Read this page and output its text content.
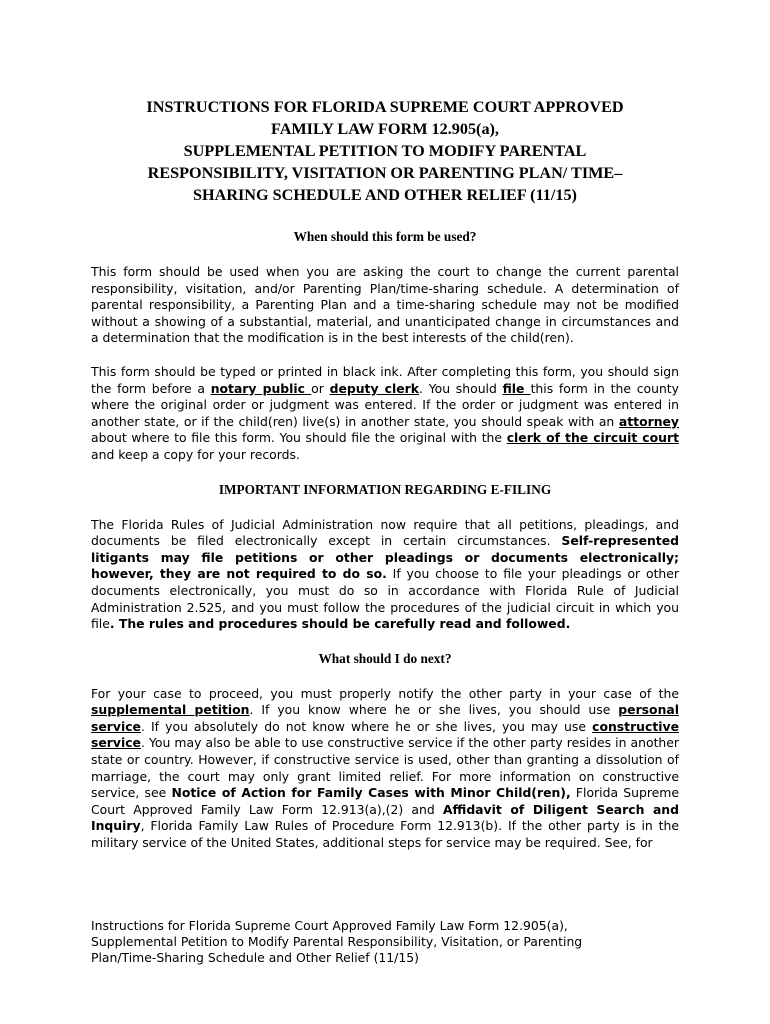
INSTRUCTIONS FOR FLORIDA SUPREME COURT APPROVED

FAMILY LAW FORM 12.905(a),

SUPPLEMENTAL PETITION TO MODIFY PARENTAL

RESPONSIBILITY, VISITATION OR PARENTING PLAN/ TIME–

SHARING SCHEDULE AND OTHER RELIEF (11/15)

When should this form be used?

This form should be used when you are asking the court to change the current parental responsibility, visitation, and/or Parenting Plan/time-sharing schedule. A determination of parental responsibility, a Parenting Plan and a time-sharing schedule may not be modified without a showing of a substantial, material, and unanticipated change in circumstances and a determination that the modification is in the best interests of the child(ren).

This form should be typed or printed in black ink. After completing this form, you should sign the form before a notary public or deputy clerk. You should file this form in the county where the original order or judgment was entered. If the order or judgment was entered in another state, or if the child(ren) live(s) in another state, you should speak with an attorney about where to file this form. You should file the original with the clerk of the circuit court and keep a copy for your records.

IMPORTANT INFORMATION REGARDING E-FILING

The Florida Rules of Judicial Administration now require that all petitions, pleadings, and documents be filed electronically except in certain circumstances. Self-represented litigants may file petitions or other pleadings or documents electronically; however, they are not required to do so. If you choose to file your pleadings or other documents electronically, you must do so in accordance with Florida Rule of Judicial Administration 2.525, and you must follow the procedures of the judicial circuit in which you file. The rules and procedures should be carefully read and followed.

What should I do next?

For your case to proceed, you must properly notify the other party in your case of the supplemental petition. If you know where he or she lives, you should use personal service. If you absolutely do not know where he or she lives, you may use constructive service. You may also be able to use constructive service if the other party resides in another state or country. However, if constructive service is used, other than granting a dissolution of marriage, the court may only grant limited relief. For more information on constructive service, see Notice of Action for Family Cases with Minor Child(ren), Florida Supreme Court Approved Family Law Form 12.913(a),(2) and Affidavit of Diligent Search and Inquiry, Florida Family Law Rules of Procedure Form 12.913(b). If the other party is in the military service of the United States, additional steps for service may be required. See, for

Instructions for Florida Supreme Court Approved Family Law Form 12.905(a),
Supplemental Petition to Modify Parental Responsibility, Visitation, or Parenting
Plan/Time-Sharing Schedule and Other Relief (11/15)
